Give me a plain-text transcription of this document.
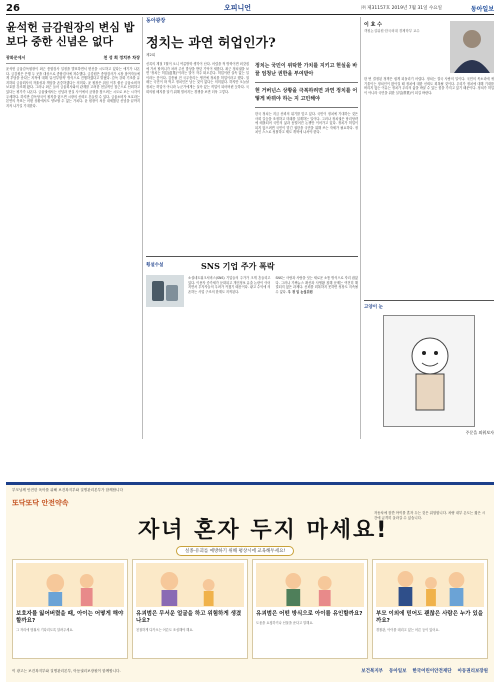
26	오피니언	㈜ 제31157호 2019년 7월 31일 수요일	동아일보
윤석헌 금감원장의 변심 밥보다 중한 신념은 없다
광화문에서	천 성 희 정치부 차장
윤석헌 금융감독원장이 최근 종합검사 일정을 발표하면서 변신을 시도하고 있다는 얘기가 나온다. 금감원은 은행 두 곳을 대상으로 종합검사에 착수했다. 금감원은 종합검사가 시장 참여자들에게 부담을 준다는 지적에 대해 '유인부합적' 방식으로 진행하겠다고 밝혔다. 감독 강화 기조를 유지하되 금융회사의 자율성과 책임을 존중하겠다는 의미다. 윤 원장은 취임 이후 줄곧 금융소비자 보호를 강조해 왔다. 그러나 최근 들어 금융회사와의 관계를 고려한 현실적인 접근으로 선회하고 있다는 평가가 나온다. 금융권에서는 신념과 현실 사이에서 균형을 찾으려는 시도로 보는 시각이 우세하다. 하지만 감독당국이 원칙을 잃으면 시장의 신뢰도 흔들릴 수 있다. 금융소비자 보호라는 본연의 목표는 어떤 상황에서도 양보할 수 없는 가치다. 윤 원장이 처음 내세웠던 신념을 끝까지 지켜 나가길 기대한다.
동아광장
정치는 과연 허업인가?
제2회
신록의 계절 7월이 오니 여름방학 생각이 난다. 어렸을 적 방학이면 외갓집에 가서 할머니가 차려 주신 밥상을 받던 기억이 새롭다. 최근 정치권을 보면 '정치는 허업(虛業)'이라는 말이 자주 떠오른다. 허업이란 실속 없는 일이라는 뜻이다. 김종필 전 국무총리는 생전에 정치를 허업이라고 했다. 열매는 국민이 따 먹고 정치인은 남는 것이 없다는 의미였다. 하지만 오늘날 정치는 허업이 아니라 누군가에게는 실속 있는 직업이 되어버린 듯하다. 국회의원 배지를 달기 위해 벌어지는 경쟁을 보면 더욱 그렇다.
정치는 국민이 위탁한 가치를 지키고 현실을 바꿀 엄청난 권한을 부여받아
현 거버넌스 상황을 극복하려면 과연 정치를 어떻게 바꿔야 하는 지 고민해야
한국 정치는 지금 신뢰의 위기를 맞고 있다. 국민이 정치에 기대하는 것은 사회 갈등을 조정하고 미래를 설계하는 일이다. 그러나 정치권은 당리당략에 매몰되어 국민의 삶과 동떨어진 논쟁만 이어가고 있다. 정치가 허업이 되지 않으려면 국민이 맡긴 권한을 국민을 위해 쓰는 자세가 필요하다. 정치인 스스로 성찰하고 제도 개혁에 나서야 한다.
이 효 수
객원논설위원·한국외대 경제학부 교수
한 번 결정된 정책은 쉽게 되돌리기 어렵다. 정치는 결국 사람의 일이다. 국민의 목소리에 귀 기울이는 정치인이 많아질 때 정치에 대한 신뢰도 회복될 것이다. 우리가 정치에 대해 기대를 버리지 않는 이유는 정치가 우리의 삶을 바꿀 수 있는 힘을 가지고 있기 때문이다. 정치가 허업이 아니라 국민을 위한 실업(實業)이 되길 바란다.
횡설수설	SNS 기업 주가 폭락
소셜네트워크서비스(SNS) 기업들의 주가가 크게 흔들리고 있다. 이용자 증가세가 둔화되고 개인정보 유출 논란이 이어지면서 투자자들의 우려가 커졌기 때문이다. 광고 수익에 의존하는 사업 구조의 한계도 지적된다.
SNS는 사람과 사람을 잇는 새로운 소통 방식으로 자리 잡았다. 그러나 가짜뉴스 확산과 사생활 침해 문제는 여전히 해결되지 않은 과제다. 신뢰를 회복하지 못하면 성장도 지속될 수 없다. 우 경 임 논설위원
고양이 눈
주문을 외워보자
부모님께 안전한 육아를 위해 보건복지부와 질병관리본부가 함께합니다
또닥또닥 안전약속
자녀 혼자 두지 마세요!
자동차에 잠깐 아이를 혼자 두는 것은 위험합니다. 차량 내부 온도는 짧은 시간에 급격히 올라갈 수 있습니다.
실종·유괴를 예방하기 위해 평상시에 교육해두세요!
보호자를 잃어버렸을 때, 아이는 어떻게 해야 할까요?
그 자리에 멈춰서 기다리도록 알려주세요.
유괴범은 무서운 얼굴을 하고 위험하게 생겼나요?
친절하게 다가오는 어른도 조심해야 해요.
유괴범은 어떤 방식으로 아이를 유인할까요?
도움을 요청하거나 선물을 준다고 말해요.
부모 이외에 믿어도 괜찮은 사람은 누가 있을까요?
경찰관, 아이를 데리고 있는 어른 등이 있어요.
이 광고는 보건복지부와 질병관리본부, 아동권리보장원이 함께합니다.	보건복지부 동아일보 한국어린이안전재단 아동권리보장원
